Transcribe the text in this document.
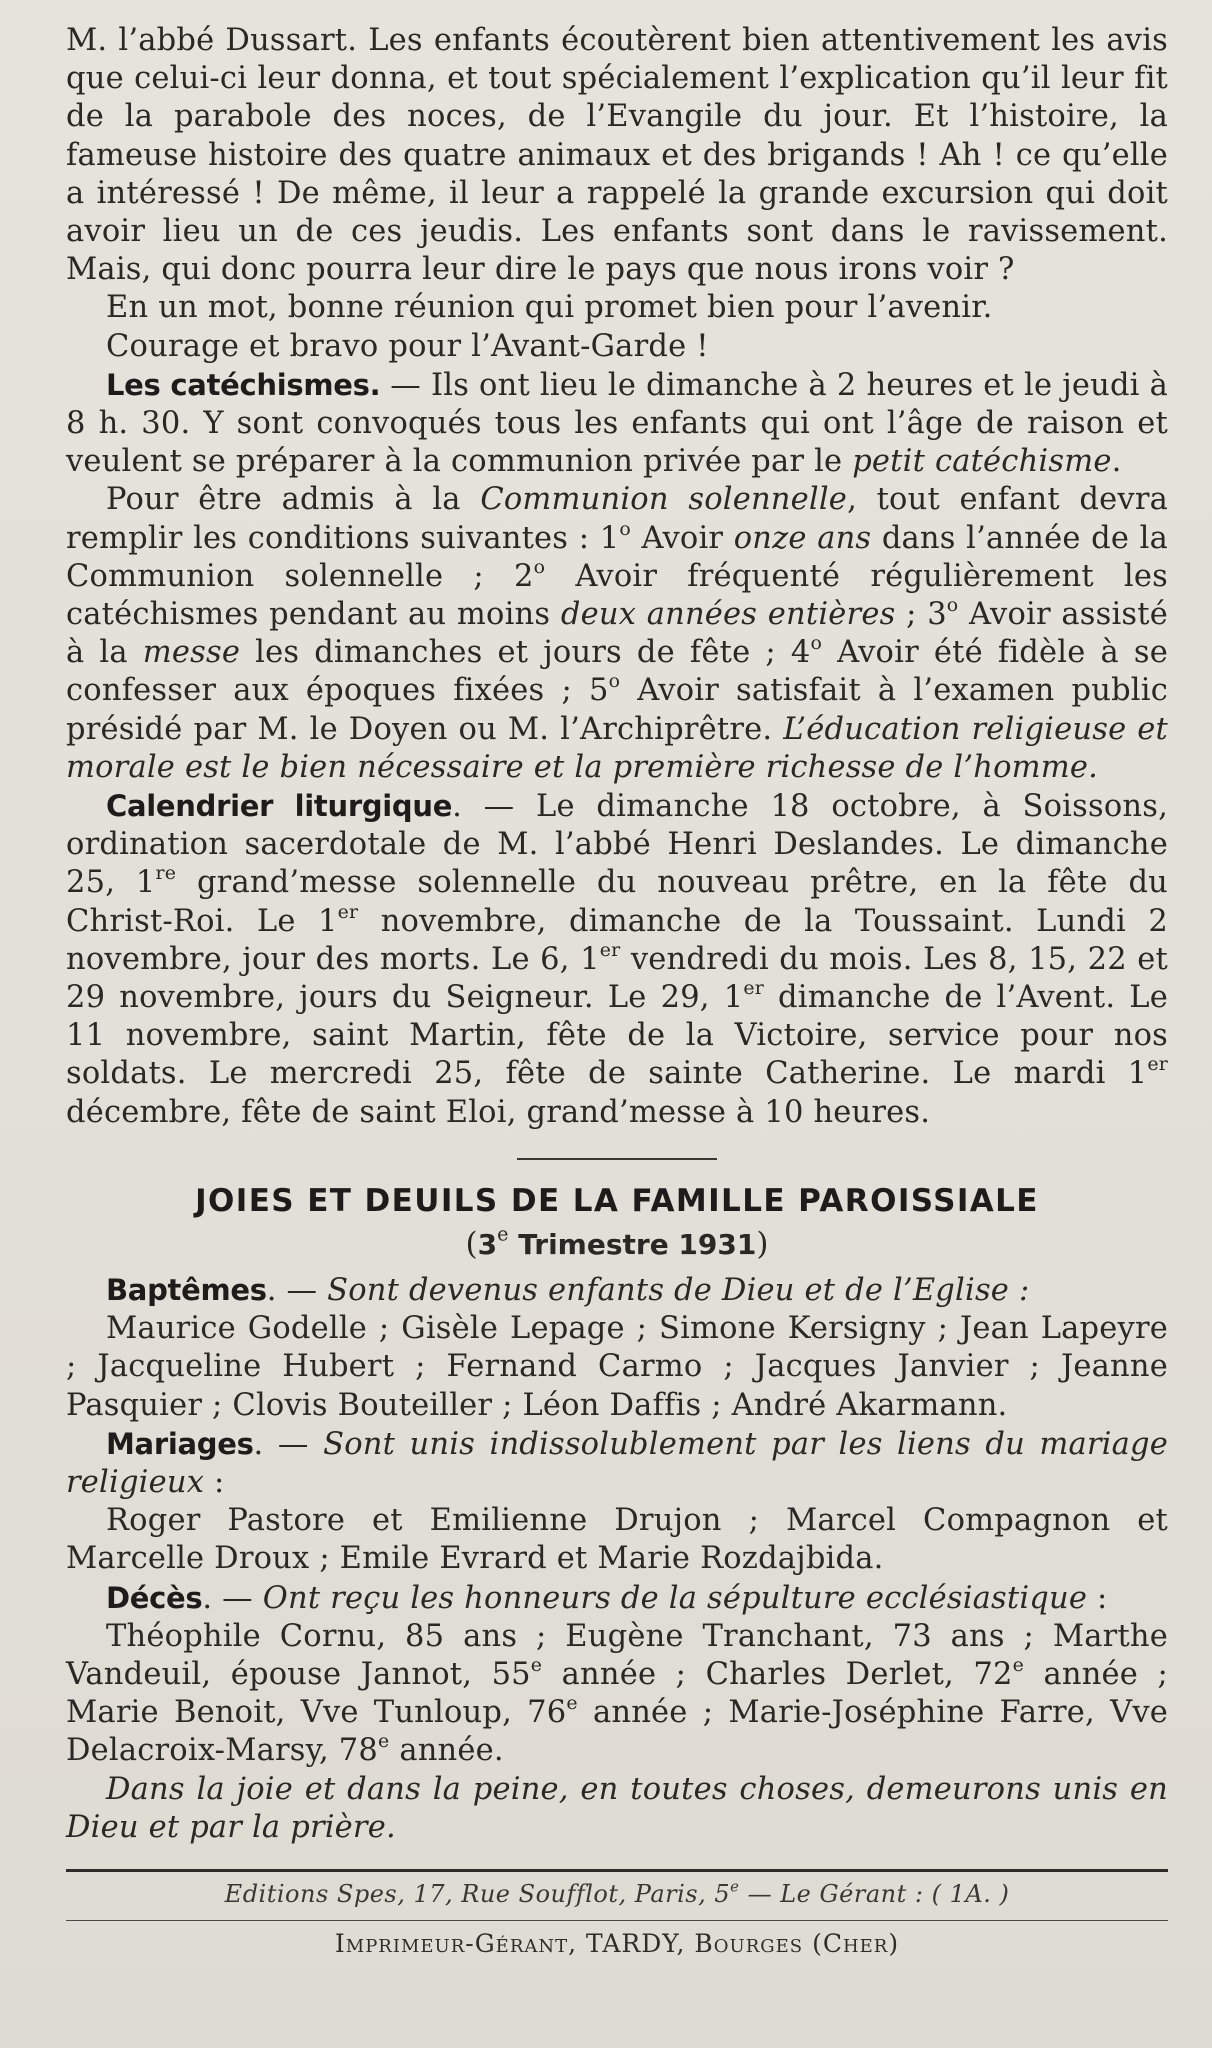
M. l’abbé Dussart. Les enfants écoutèrent bien attentivement les avis que celui-ci leur donna, et tout spécialement l’explication qu’il leur fit de la parabole des noces, de l’Evangile du jour. Et l’histoire, la fameuse histoire des quatre animaux et des brigands ! Ah ! ce qu’elle a intéressé ! De même, il leur a rappelé la grande excursion qui doit avoir lieu un de ces jeudis. Les enfants sont dans le ravissement. Mais, qui donc pourra leur dire le pays que nous irons voir ?

En un mot, bonne réunion qui promet bien pour l’avenir.

Courage et bravo pour l’Avant-Garde !

Les catéchismes. — Ils ont lieu le dimanche à 2 heures et le jeudi à 8 h. 30. Y sont convoqués tous les enfants qui ont l’âge de raison et veulent se préparer à la communion privée par le petit catéchisme.

Pour être admis à la Communion solennelle, tout enfant devra remplir les conditions suivantes : 1$^o$ Avoir onze ans dans l’année de la Communion solennelle ; 2$^o$ Avoir fréquenté régulièrement les catéchismes pendant au moins deux années entières ; 3$^o$ Avoir assisté à la messe les dimanches et jours de fête ; 4$^o$ Avoir été fidèle à se confesser aux époques fixées ; 5$^o$ Avoir satisfait à l’examen public présidé par M. le Doyen ou M. l’Archiprêtre. L’éducation religieuse et morale est le bien nécessaire et la première richesse de l’homme.

Calendrier liturgique. — Le dimanche 18 octobre, à Soissons, ordination sacerdotale de M. l’abbé Henri Deslandes. Le dimanche 25, 1re grand’messe solennelle du nouveau prêtre, en la fête du Christ-Roi. Le 1er novembre, dimanche de la Toussaint. Lundi 2 novembre, jour des morts. Le 6, 1er vendredi du mois. Les 8, 15, 22 et 29 novembre, jours du Seigneur. Le 29, 1er dimanche de l’Avent. Le 11 novembre, saint Martin, fête de la Victoire, service pour nos soldats. Le mercredi 25, fête de sainte Catherine. Le mardi 1er décembre, fête de saint Eloi, grand’messe à 10 heures.

JOIES ET DEUILS DE LA FAMILLE PAROISSIALE

(3e Trimestre 1931)

Baptêmes. — Sont devenus enfants de Dieu et de l’Eglise :

Maurice Godelle ; Gisèle Lepage ; Simone Kersigny ; Jean Lapeyre ; Jacqueline Hubert ; Fernand Carmo ; Jacques Janvier ; Jeanne Pasquier ; Clovis Bouteiller ; Léon Daffis ; André Akarmann.

Mariages. — Sont unis indissolublement par les liens du mariage religieux :

Roger Pastore et Emilienne Drujon ; Marcel Compagnon et Marcelle Droux ; Emile Evrard et Marie Rozdajbida.

Décès. — Ont reçu les honneurs de la sépulture ecclésiastique :

Théophile Cornu, 85 ans ; Eugène Tranchant, 73 ans ; Marthe Vandeuil, épouse Jannot, 55e année ; Charles Derlet, 72e année ; Marie Benoit, Vve Tunloup, 76e année ; Marie-Joséphine Farre, Vve Delacroix-Marsy, 78e année.

Dans la joie et dans la peine, en toutes choses, demeurons unis en Dieu et par la prière.

Editions Spes, 17, Rue Soufflot, Paris, 5e — Le Gérant : ( 1A. )

Imprimeur-Gérant, TARDY, Bourges (Cher)
